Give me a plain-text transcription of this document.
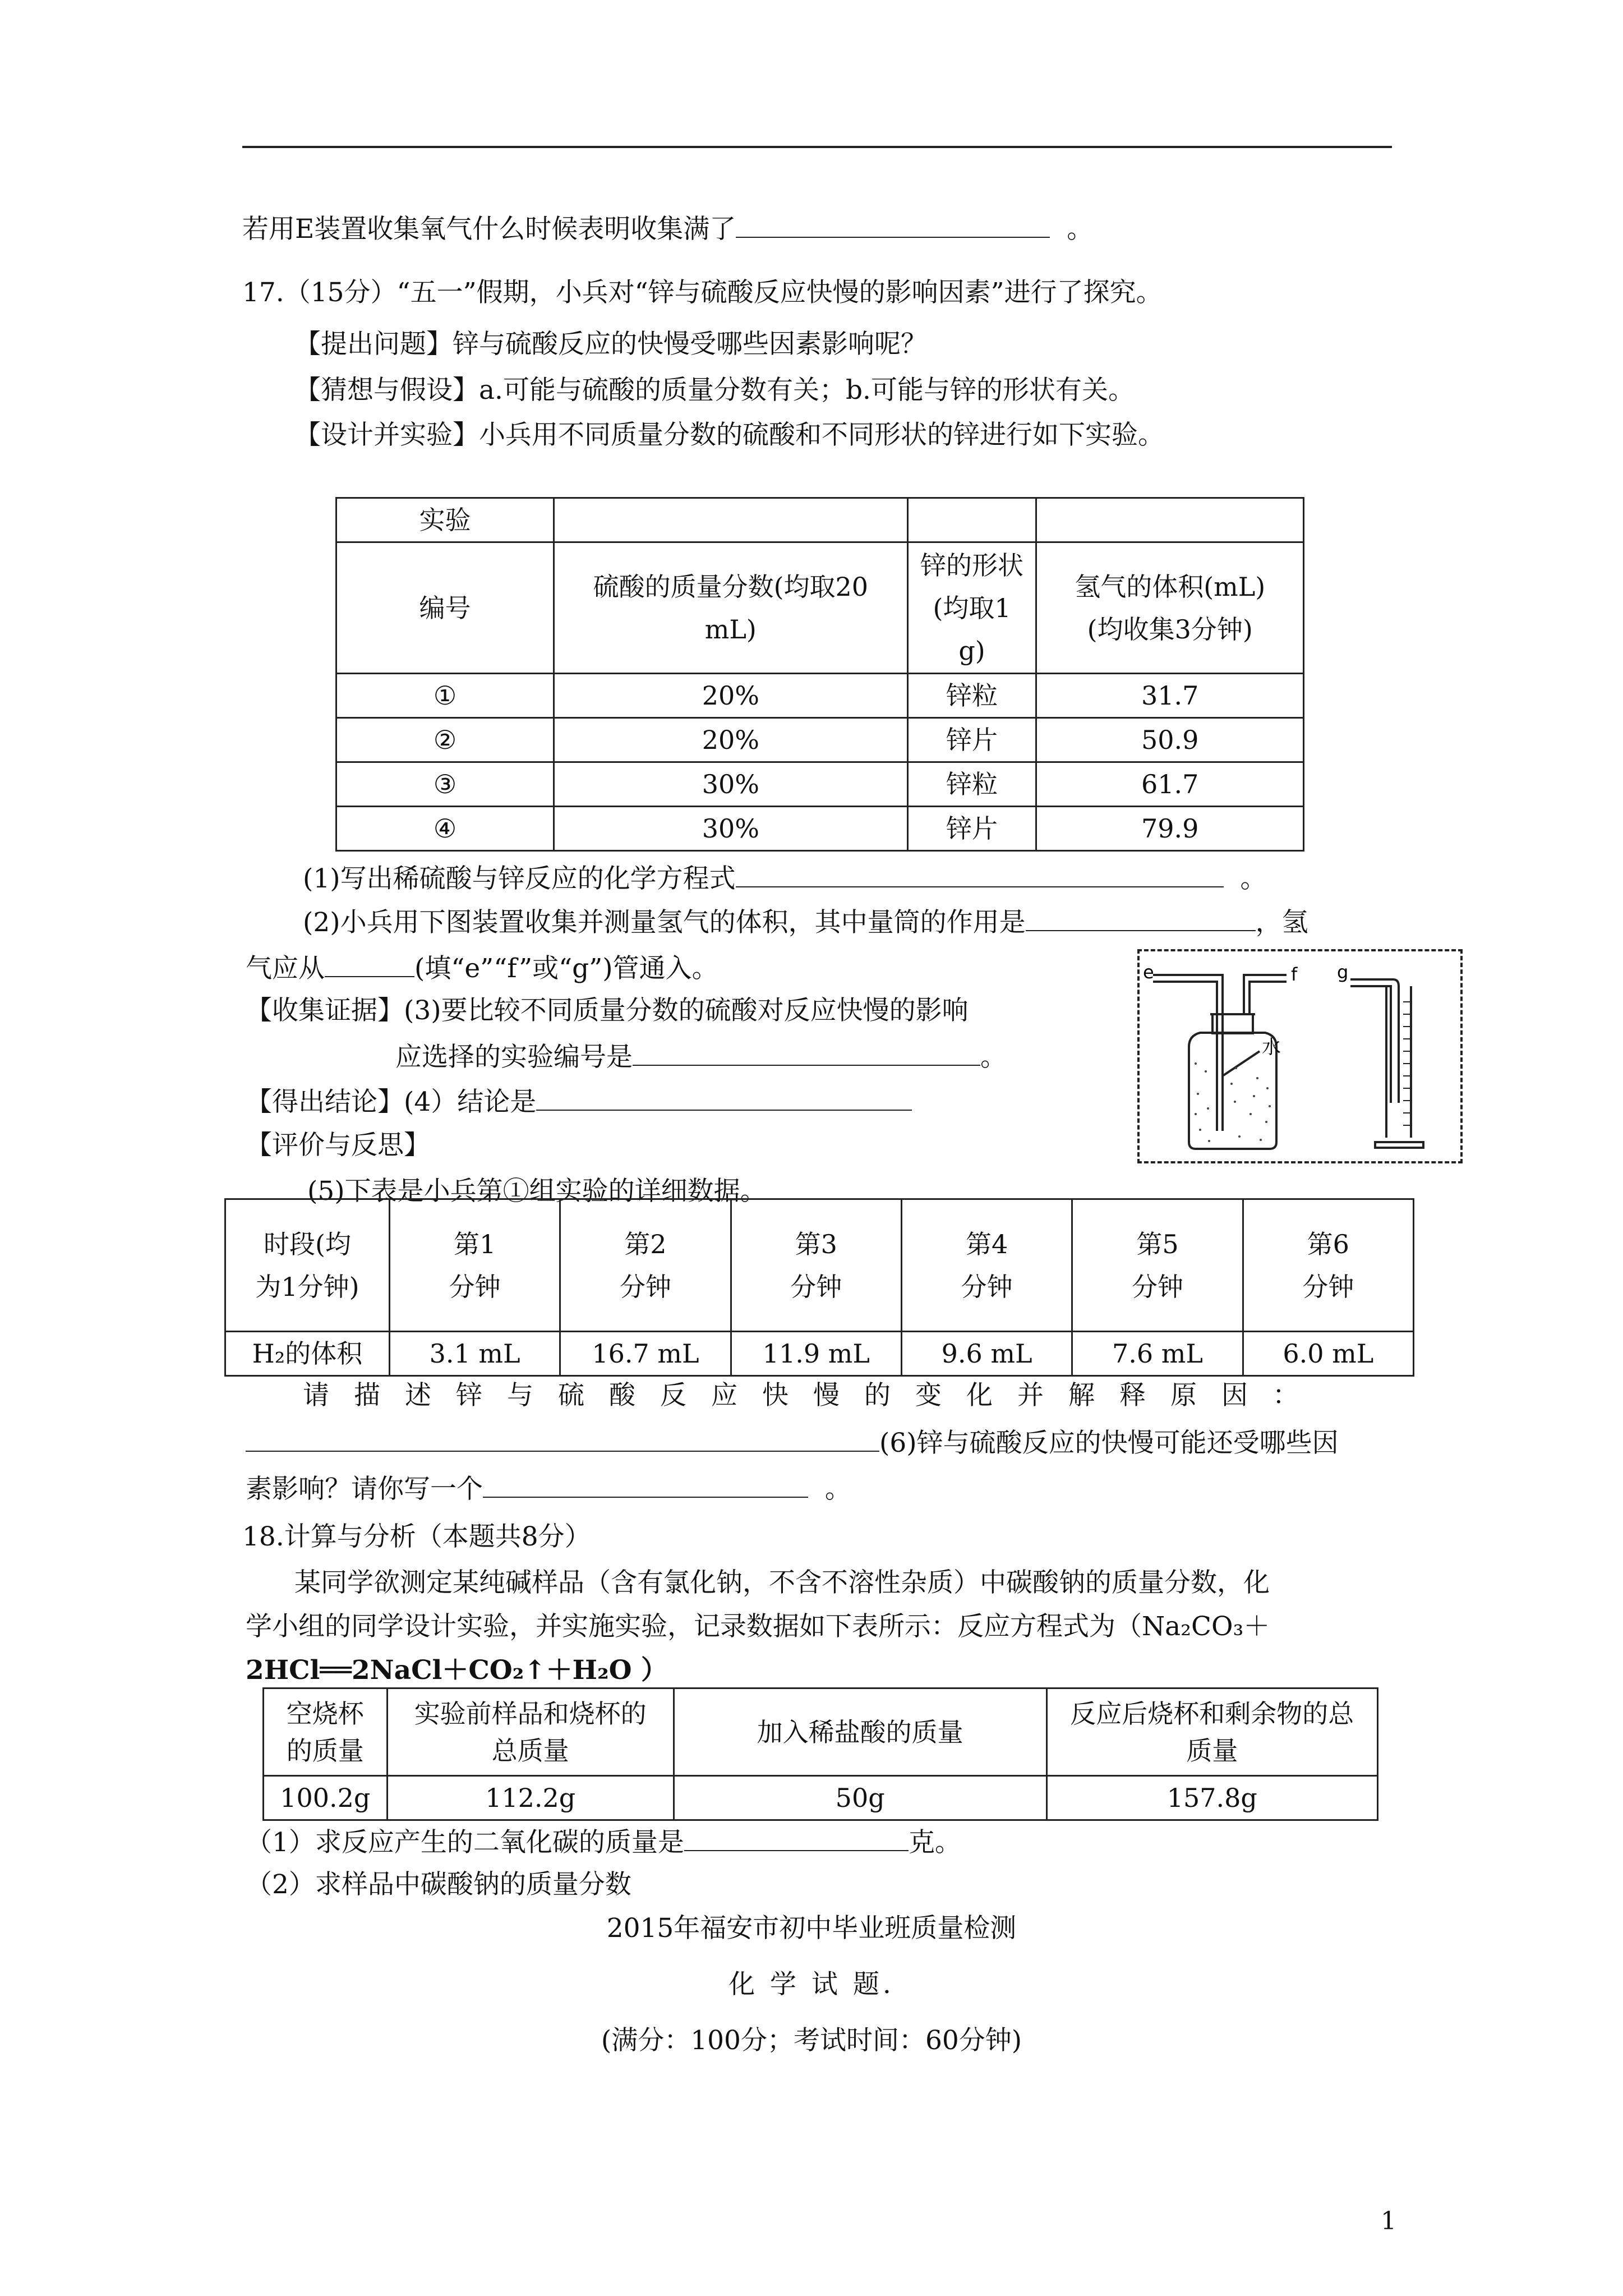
若用E装置收集氧气什么时候表明收集满了	。
17.（15分）“五一”假期，小兵对“锌与硫酸反应快慢的影响因素”进行了探究。
【提出问题】锌与硫酸反应的快慢受哪些因素影响呢？
【猜想与假设】a.可能与硫酸的质量分数有关；b.可能与锌的形状有关。
【设计并实验】小兵用不同质量分数的硫酸和不同形状的锌进行如下实验。
实验			
编号	硫酸的质量分数(均取20 mL)	锌的形状(均取1 g)	氢气的体积(mL)(均收集3分钟)

①	20%	锌粒	31.7
②	20%	锌片	50.9
③	30%	锌粒	61.7
④	30%	锌片	79.9
(1)写出稀硫酸与锌反应的化学方程式	。
(2)小兵用下图装置收集并测量氢气的体积，其中量筒的作用是	，氢
气应从	(填“e”“f”或“g”)管通入。
【收集证据】(3)要比较不同质量分数的硫酸对反应快慢的影响
应选择的实验编号是	。
【得出结论】(4）结论是
【评价与反思】
(5)下表是小兵第①组实验的详细数据。
e	f g
水
时段(均为1分钟)	第1分钟	第2分钟	第3分钟	第4分钟	第5分钟	第6分钟

H₂的体积	3.1 mL	16.7 mL	11.9 mL	9.6 mL	7.6 mL	6.0 mL
请描述锌与硫酸反应快慢的变化并解释原因：
(6)锌与硫酸反应的快慢可能还受哪些因
素影响？请你写一个	。
18.计算与分析（本题共8分）
某同学欲测定某纯碱样品（含有氯化钠，不含不溶性杂质）中碳酸钠的质量分数，化
学小组的同学设计实验，并实施实验，记录数据如下表所示：反应方程式为（Na₂CO₃＋
2HCl══2NaCl＋CO₂↑＋H₂O ）
空烧杯的质量	实验前样品和烧杯的总质量	加入稀盐酸的质量	反应后烧杯和剩余物的总质量

100.2g	112.2g	50g	157.8g
（1）求反应产生的二氧化碳的质量是	克。
（2）求样品中碳酸钠的质量分数
2015年福安市初中毕业班质量检测
化 学 试 题.
(满分：100分；考试时间：60分钟)
1
